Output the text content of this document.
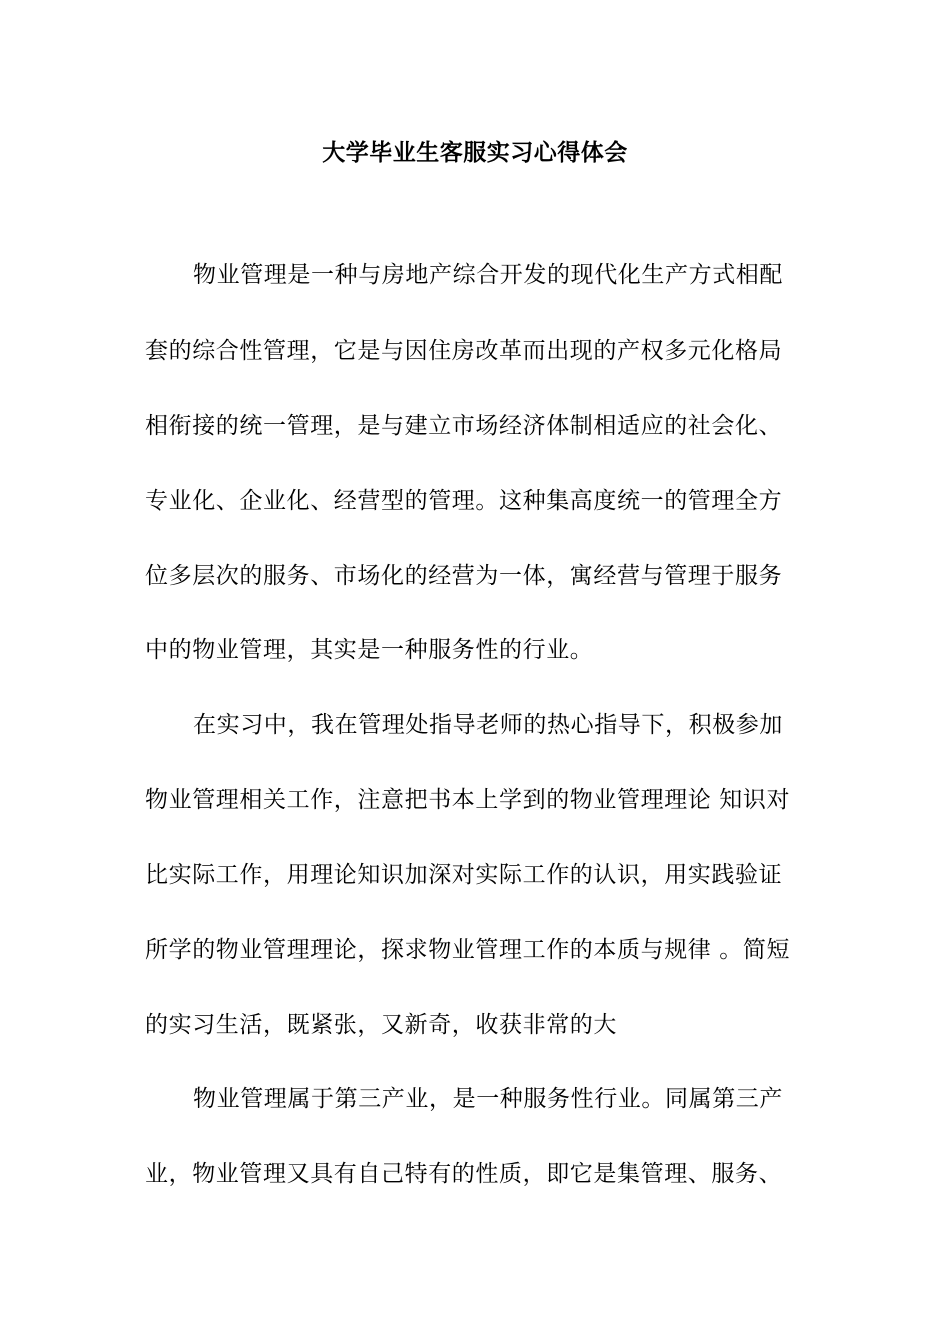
大学毕业生客服实习心得体会
物业管理是一种与房地产综合开发的现代化生产方式相配
套的综合性管理，它是与因住房改革而出现的产权多元化格局
相衔接的统一管理，是与建立市场经济体制相适应的社会化、
专业化、企业化、经营型的管理。这种集高度统一的管理全方
位多层次的服务、市场化的经营为一体，寓经营与管理于服务
中的物业管理，其实是一种服务性的行业。
在实习中，我在管理处指导老师的热心指导下，积极参加
物业管理相关工作，注意把书本上学到的物业管理理论 知识对
比实际工作，用理论知识加深对实际工作的认识，用实践验证
所学的物业管理理论，探求物业管理工作的本质与规律 。简短
的实习生活，既紧张，又新奇，收获非常的大
物业管理属于第三产业，是一种服务性行业。同属第三产
业，物业管理又具有自己特有的性质，即它是集管理、服务、
